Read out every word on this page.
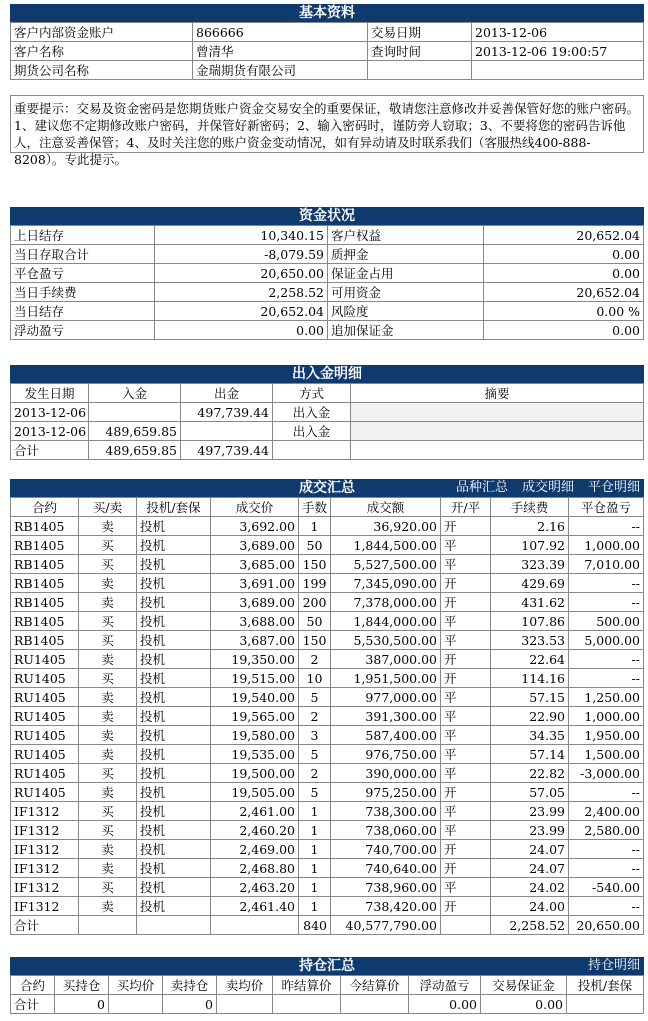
基本资料
客户内部资金账户	866666	交易日期	2013-12-06
客户名称	曾清华	查询时间	2013-12-06 19:00:57
期货公司名称	金瑞期货有限公司		
重要提示：交易及资金密码是您期货账户资金交易安全的重要保证，敬请您注意修改并妥善保管好您的账户密码。1、建议您不定期修改账户密码，并保管好新密码；2、输入密码时，谨防旁人窃取；3、不要将您的密码告诉他人，注意妥善保管；4、及时关注您的账户资金变动情况，如有异动请及时联系我们（客服热线400-888-8208）。专此提示。
资金状况
上日结存	10,340.15	客户权益	20,652.04
当日存取合计	-8,079.59	质押金	0.00
平仓盈亏	20,650.00	保证金占用	0.00
当日手续费	2,258.52	可用资金	20,652.04
当日结存	20,652.04	风险度	0.00 %
浮动盈亏	0.00	追加保证金	0.00
出入金明细
发生日期	入金	出金	方式	摘要
2013-12-06		497,739.44	出入金	
2013-12-06	489,659.85		出入金	
合计	489,659.85	497,739.44		
成交汇总	品种汇总 成交明细 平仓明细
合约	买/卖	投机/套保	成交价	手数	成交额	开/平	手续费	平仓盈亏
RB1405	卖	投机	3,692.00	1	36,920.00	开	2.16	--
RB1405	买	投机	3,689.00	50	1,844,500.00	平	107.92	1,000.00
RB1405	买	投机	3,685.00	150	5,527,500.00	平	323.39	7,010.00
RB1405	卖	投机	3,691.00	199	7,345,090.00	开	429.69	--
RB1405	卖	投机	3,689.00	200	7,378,000.00	开	431.62	--
RB1405	买	投机	3,688.00	50	1,844,000.00	平	107.86	500.00
RB1405	买	投机	3,687.00	150	5,530,500.00	平	323.53	5,000.00
RU1405	卖	投机	19,350.00	2	387,000.00	开	22.64	--
RU1405	买	投机	19,515.00	10	1,951,500.00	开	114.16	--
RU1405	卖	投机	19,540.00	5	977,000.00	平	57.15	1,250.00
RU1405	卖	投机	19,565.00	2	391,300.00	平	22.90	1,000.00
RU1405	卖	投机	19,580.00	3	587,400.00	平	34.35	1,950.00
RU1405	卖	投机	19,535.00	5	976,750.00	平	57.14	1,500.00
RU1405	买	投机	19,500.00	2	390,000.00	平	22.82	-3,000.00
RU1405	卖	投机	19,505.00	5	975,250.00	开	57.05	--
IF1312	买	投机	2,461.00	1	738,300.00	平	23.99	2,400.00
IF1312	买	投机	2,460.20	1	738,060.00	平	23.99	2,580.00
IF1312	卖	投机	2,469.00	1	740,700.00	开	24.07	--
IF1312	卖	投机	2,468.80	1	740,640.00	开	24.07	--
IF1312	买	投机	2,463.20	1	738,960.00	平	24.02	-540.00
IF1312	卖	投机	2,461.40	1	738,420.00	开	24.00	--
合计				840	40,577,790.00		2,258.52	20,650.00
持仓汇总	持仓明细
合约	买持仓	买均价	卖持仓	卖均价	昨结算价	今结算价	浮动盈亏	交易保证金	投机/套保
合计	0		0				0.00	0.00	
